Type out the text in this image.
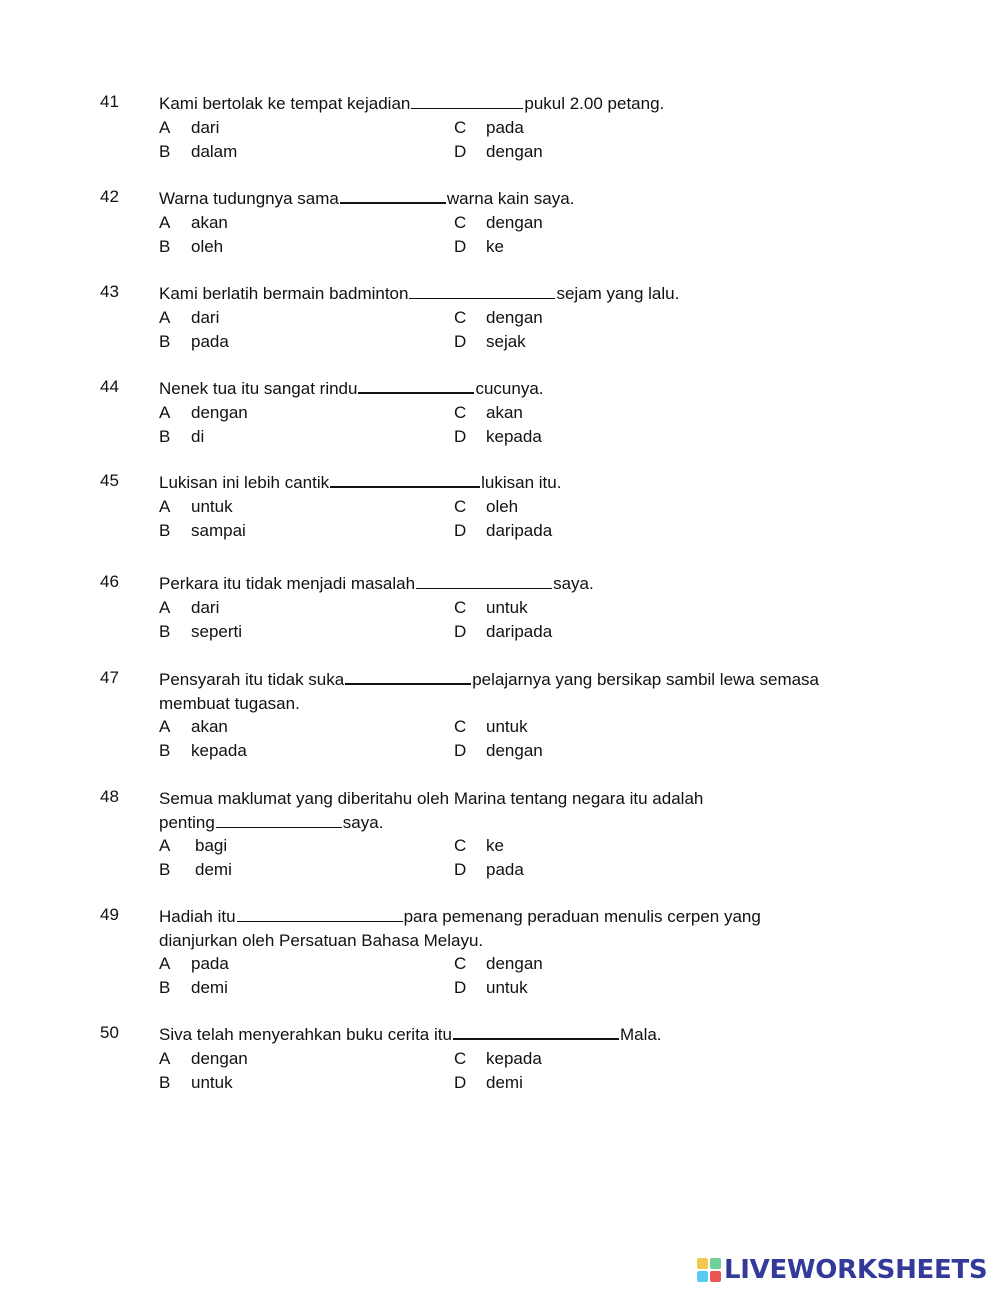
41 Kami bertolak ke tempat kejadian	pukul 2.00 petang.
A dari
B dalam
C pada
D dengan
42 Warna tudungnya sama	warna kain saya.
A akan
B oleh
C dengan
D ke
43 Kami berlatih bermain badminton	sejam yang lalu.
A dari
B pada
C dengan
D sejak
44 Nenek tua itu sangat rindu	cucunya.
A dengan
B di
C akan
D kepada
45 Lukisan ini lebih cantik	lukisan itu.
A untuk
B sampai
C oleh
D daripada
46 Perkara itu tidak menjadi masalah	saya.
A dari
B seperti
C untuk
D daripada
47 Pensyarah itu tidak suka	pelajarnya yang bersikap sambil lewa semasa membuat tugasan.
A akan
B kepada
C untuk
D dengan
48 Semua maklumat yang diberitahu oleh Marina tentang negara itu adalah penting	saya.
A bagi
B demi
C ke
D pada
49 Hadiah itu	para pemenang peraduan menulis cerpen yang dianjurkan oleh Persatuan Bahasa Melayu.
A pada
B demi
C dengan
D untuk
50 Siva telah menyerahkan buku cerita itu	Mala.
A dengan
B untuk
C kepada
D demi
LIVEWORKSHEETS
